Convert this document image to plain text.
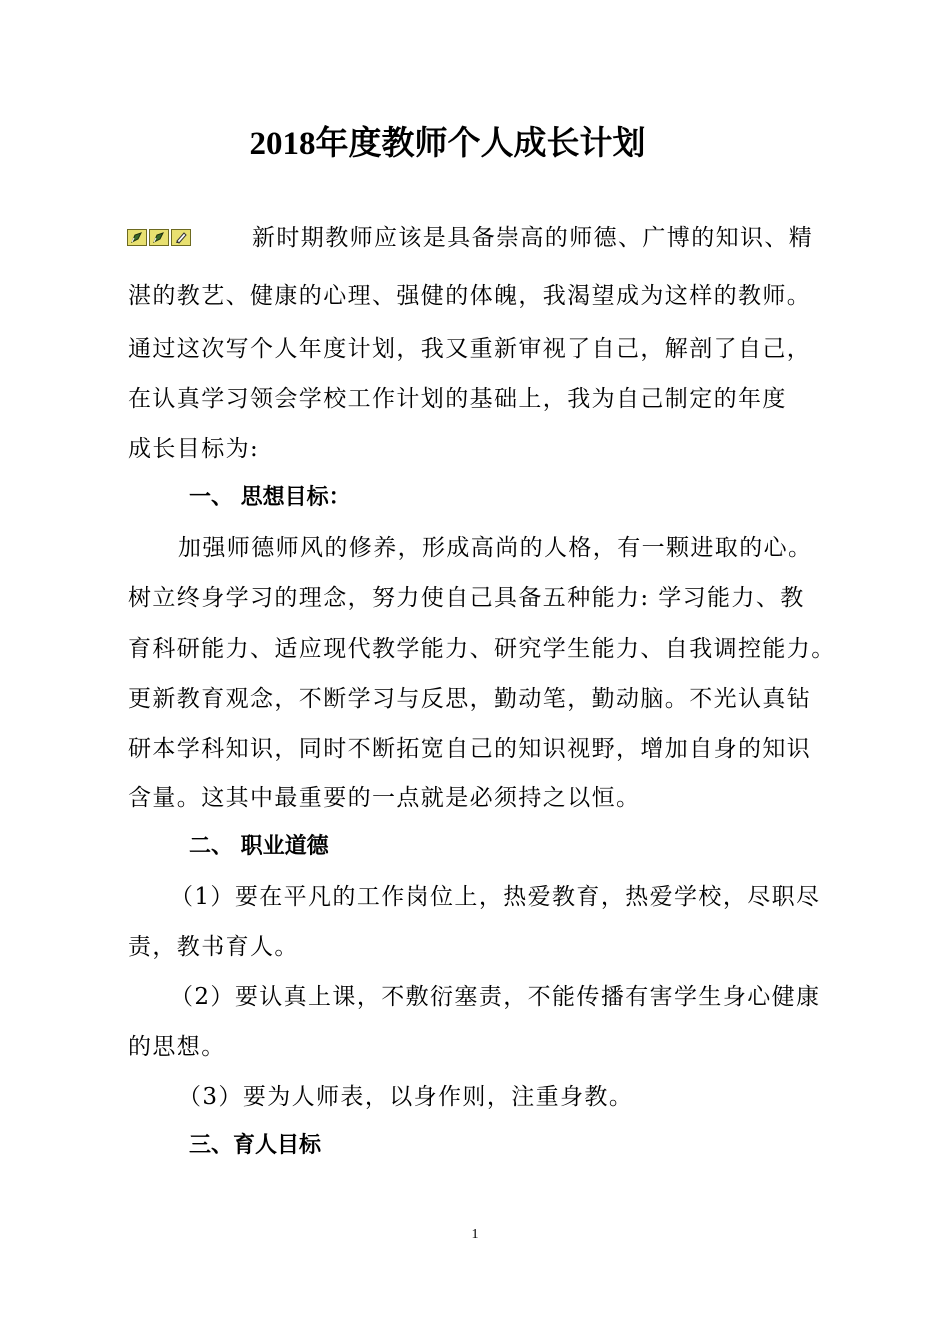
2018年度教师个人成长计划
新时期教师应该是具备崇高的师德、广博的知识、精
湛的教艺、健康的心理、强健的体魄，我渴望成为这样的教师。
通过这次写个人年度计划，我又重新审视了自己，解剖了自己，
在认真学习领会学校工作计划的基础上，我为自己制定的年度
成长目标为:
一、 思想目标：
加强师德师风的修养，形成高尚的人格，有一颗进取的心。
树立终身学习的理念，努力使自己具备五种能力: 学习能力、教
育科研能力、适应现代教学能力、研究学生能力、自我调控能力。
更新教育观念，不断学习与反思，勤动笔，勤动脑。不光认真钻
研本学科知识，同时不断拓宽自己的知识视野，增加自身的知识
含量。这其中最重要的一点就是必须持之以恒。
二、 职业道德
（1）要在平凡的工作岗位上，热爱教育，热爱学校，尽职尽
责，教书育人。
（2）要认真上课，不敷衍塞责，不能传播有害学生身心健康
的思想。
（3）要为人师表，以身作则，注重身教。
三、育人目标
1
